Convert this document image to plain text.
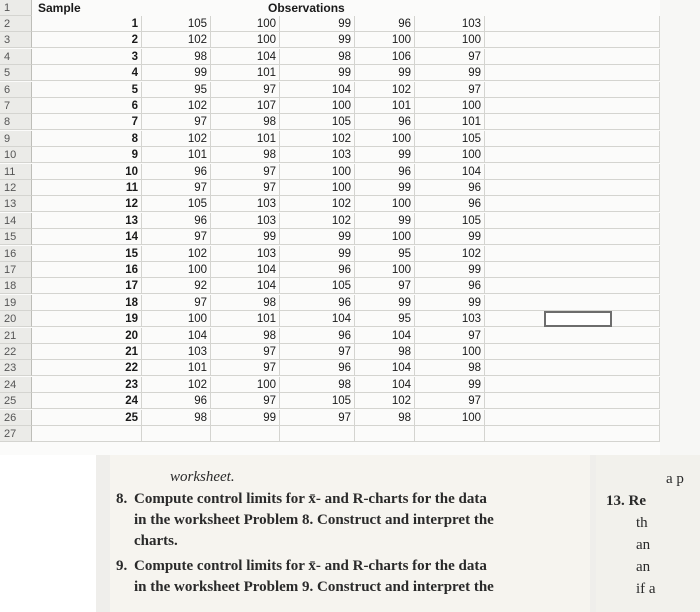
1	Sample	Observations
2	1	105	100	99	96	103
3	2	102	100	99	100	100
4	3	98	104	98	106	97
5	4	99	101	99	99	99
6	5	95	97	104	102	97
7	6	102	107	100	101	100
8	7	97	98	105	96	101
9	8	102	101	102	100	105
10	9	101	98	103	99	100
11	10	96	97	100	96	104
12	11	97	97	100	99	96
13	12	105	103	102	100	96
14	13	96	103	102	99	105
15	14	97	99	99	100	99
16	15	102	103	99	95	102
17	16	100	104	96	100	99
18	17	92	104	105	97	96
19	18	97	98	96	99	99
20	19	100	101	104	95	103
21	20	104	98	96	104	97
22	21	103	97	97	98	100
23	22	101	97	96	104	98
24	23	102	100	98	104	99
25	24	96	97	105	102	97
26	25	98	99	97	98	100
27
worksheet.
8. Compute control limits for x̄- and R-charts for the data
in the worksheet Problem 8. Construct and interpret the
charts.
9. Compute control limits for x̄- and R-charts for the data
in the worksheet Problem 9. Construct and interpret the
a p
13. Re
th
an
an
if a
